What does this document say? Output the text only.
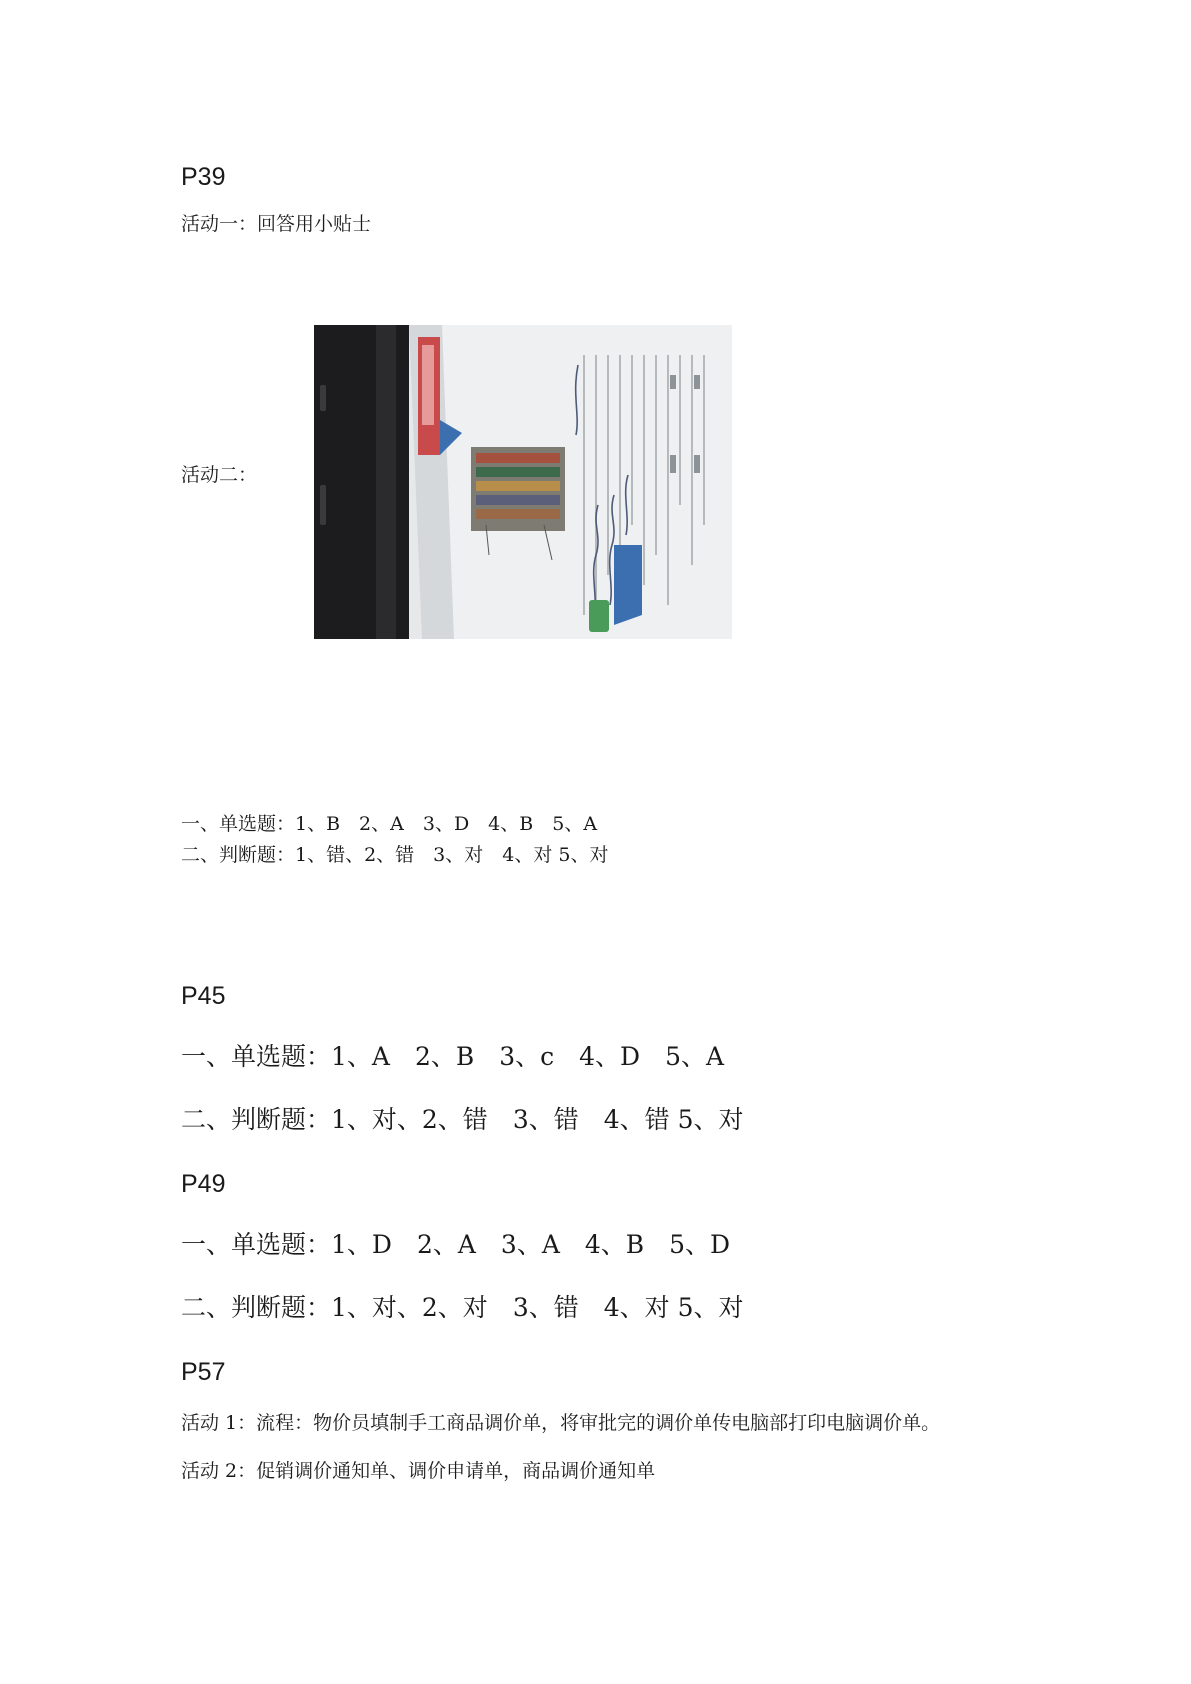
P39
活动一：回答用小贴士
活动二：
一、单选题：1、B　2、A　3、D　4、B　5、A
二、判断题：1、错、2、错　3、对　4、对 5、对
P45
一、单选题：1、A　2、B　3、c　4、D　5、A
二、判断题：1、对、2、错　3、错　4、错 5、对
P49
一、单选题：1、D　2、A　3、A　4、B　5、D
二、判断题：1、对、2、对　3、错　4、对 5、对
P57
活动 1：流程：物价员填制手工商品调价单，将审批完的调价单传电脑部打印电脑调价单。
活动 2：促销调价通知单、调价申请单，商品调价通知单
